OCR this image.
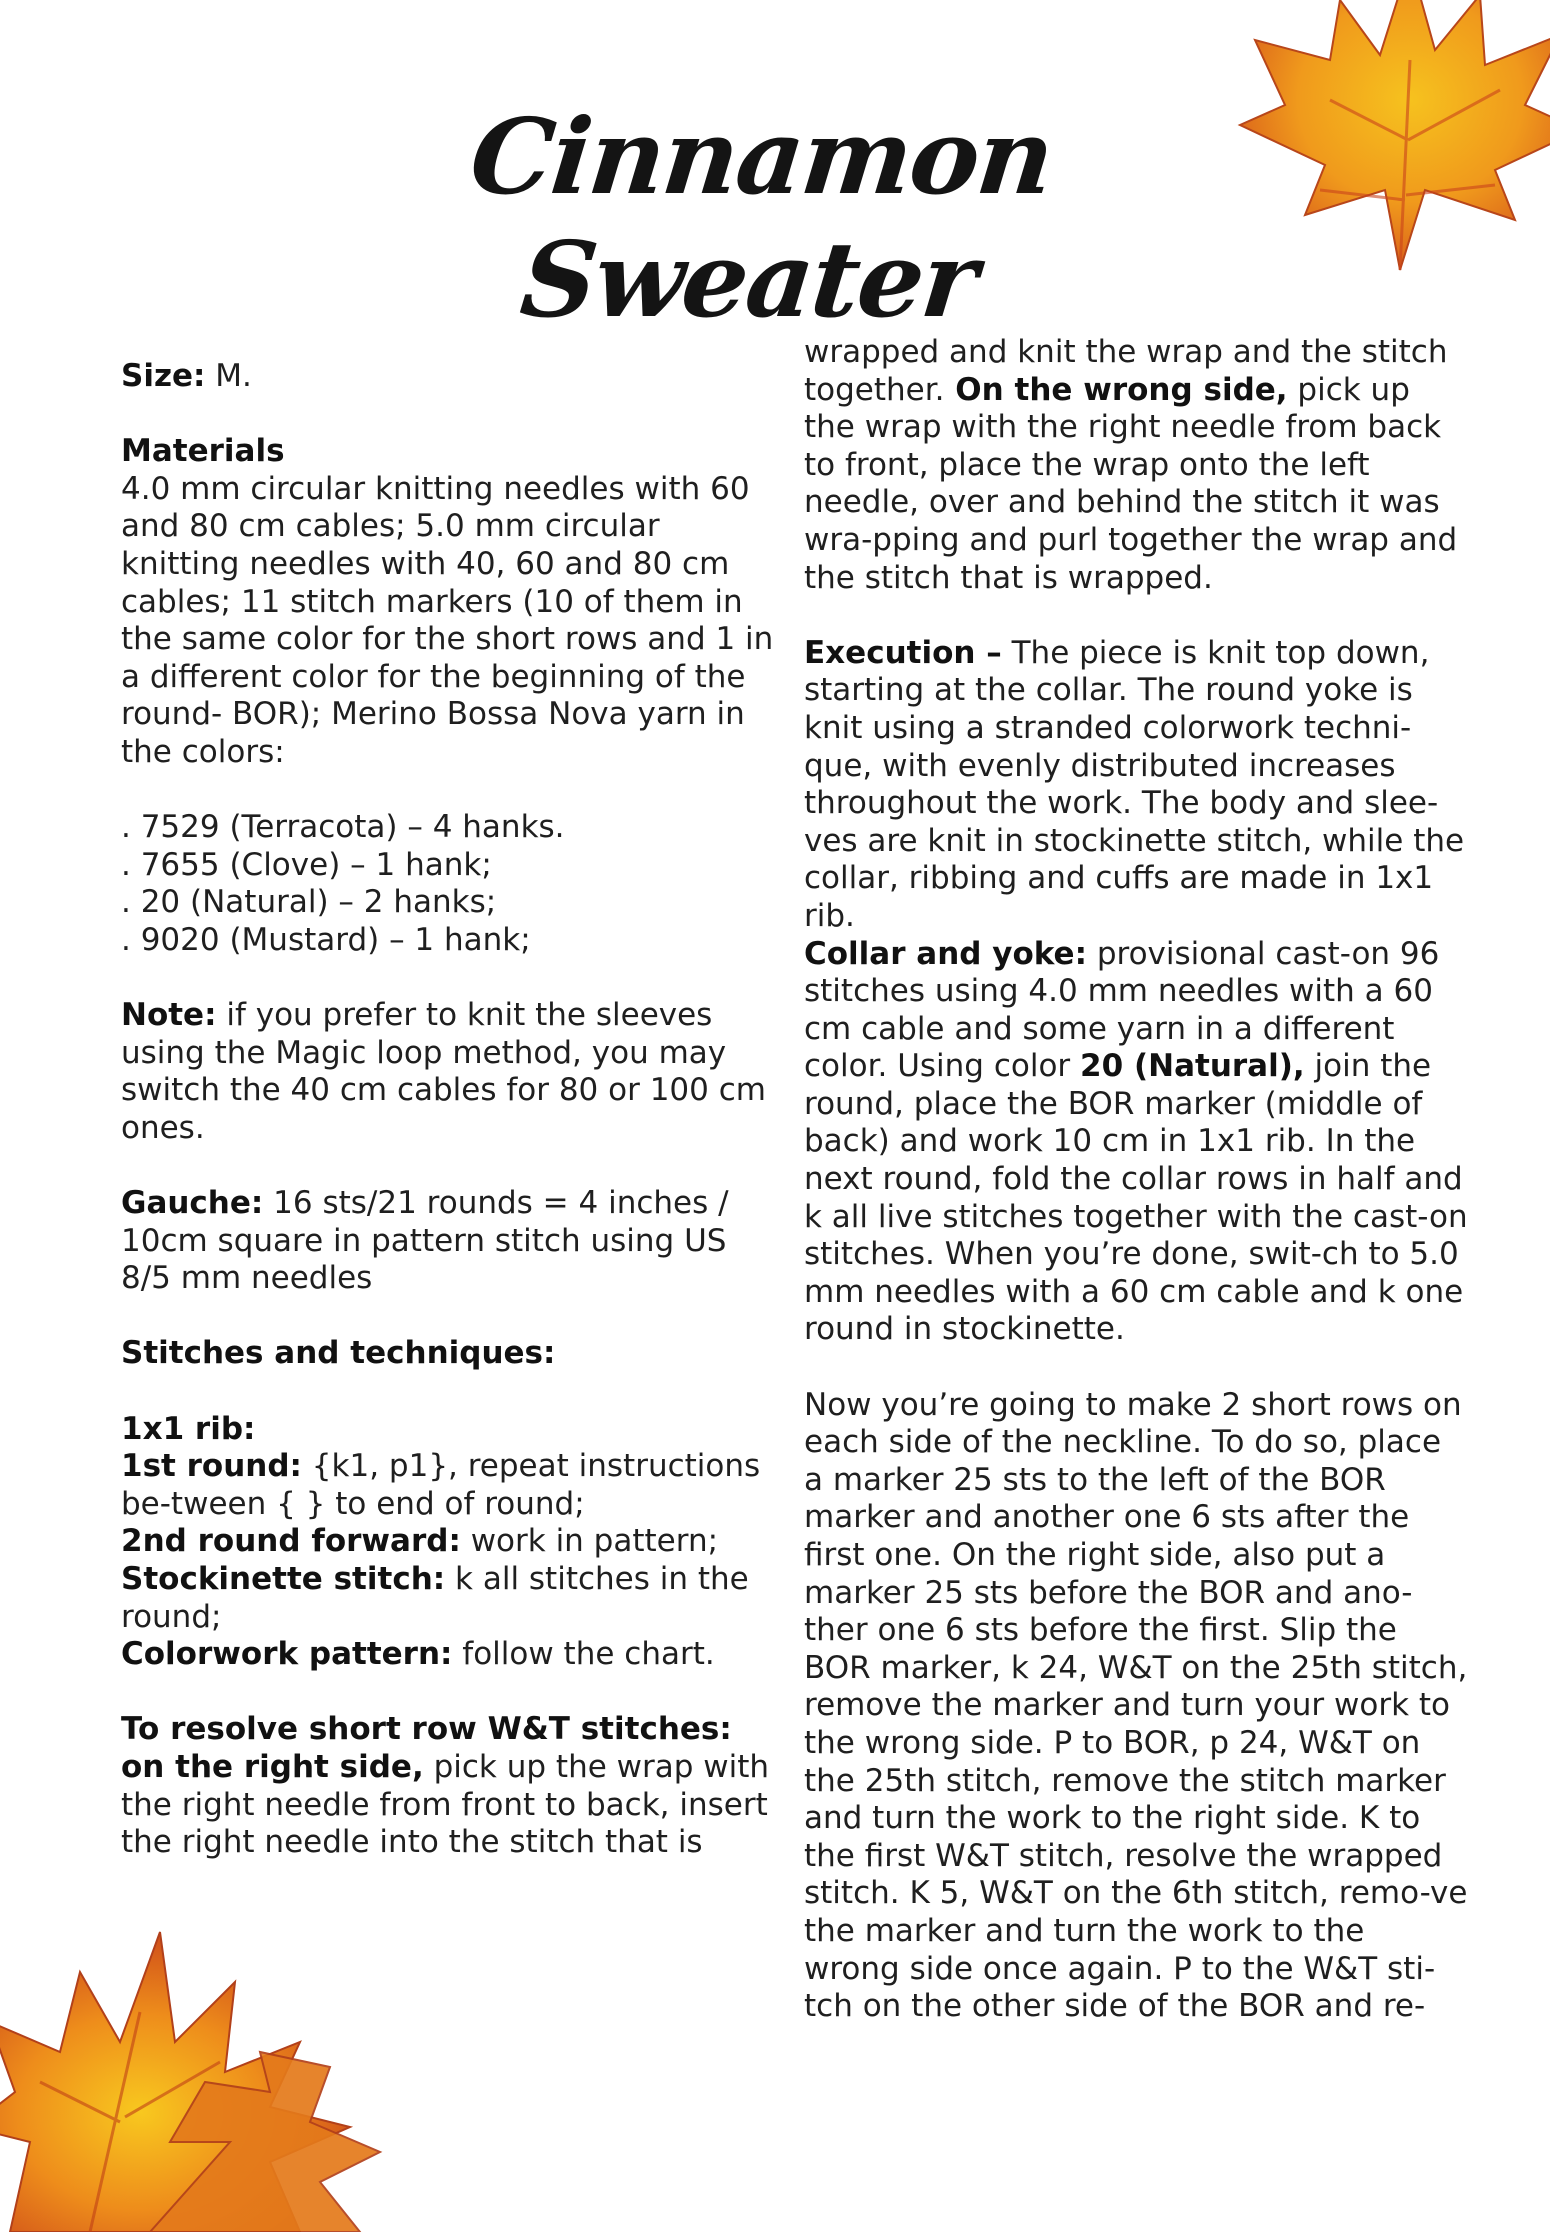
Cinnamon Sweater

Size: M.

Materials

4.0 mm circular knitting needles with 60 and 80 cm cables; 5.0 mm circular knitting needles with 40, 60 and 80 cm cables; 11 stitch markers (10 of them in the same color for the short rows and 1 in a different color for the beginning of the round- BOR); Merino Bossa Nova yarn in the colors:

. 7529 (Terracota) – 4 hanks.

. 7655 (Clove) – 1 hank;

. 20 (Natural) – 2 hanks;

. 9020 (Mustard) – 1 hank;

Note: if you prefer to knit the sleeves using the Magic loop method, you may switch the 40 cm cables for 80 or 100 cm ones.

Gauche: 16 sts/21 rounds = 4 inches / 10cm square in pattern stitch using US 8/5 mm needles

Stitches and techniques:

1x1 rib:

1st round: {k1, p1}, repeat instructions be-tween { } to end of round;

2nd round forward: work in pattern;

Stockinette stitch: k all stitches in the round;

Colorwork pattern: follow the chart.

To resolve short row W&T stitches: on the right side, pick up the wrap with the right needle from front to back, insert the right needle into the stitch that is

wrapped and knit the wrap and the stitch together. On the wrong side, pick up the wrap with the right needle from back to front, place the wrap onto the left needle, over and behind the stitch it was wra-pping and purl together the wrap and the stitch that is wrapped.

Execution – The piece is knit top down, starting at the collar. The round yoke is knit using a stranded colorwork techni-que, with evenly distributed increases throughout the work. The body and slee-ves are knit in stockinette stitch, while the collar, ribbing and cuffs are made in 1x1 rib.

Collar and yoke: provisional cast-on 96 stitches using 4.0 mm needles with a 60 cm cable and some yarn in a different color. Using color 20 (Natural), join the round, place the BOR marker (middle of back) and work 10 cm in 1x1 rib. In the next round, fold the collar rows in half and k all live stitches together with the cast-on stitches. When you’re done, swit-ch to 5.0 mm needles with a 60 cm cable and k one round in stockinette.

Now you’re going to make 2 short rows on each side of the neckline. To do so, place a marker 25 sts to the left of the BOR marker and another one 6 sts after the first one. On the right side, also put a marker 25 sts before the BOR and ano-ther one 6 sts before the first. Slip the BOR marker, k 24, W&T on the 25th stitch, remove the marker and turn your work to the wrong side. P to BOR, p 24, W&T on the 25th stitch, remove the stitch marker and turn the work to the right side. K to the first W&T stitch, resolve the wrapped stitch. K 5, W&T on the 6th stitch, remo-ve the marker and turn the work to the wrong side once again. P to the W&T sti-tch on the other side of the BOR and re-
